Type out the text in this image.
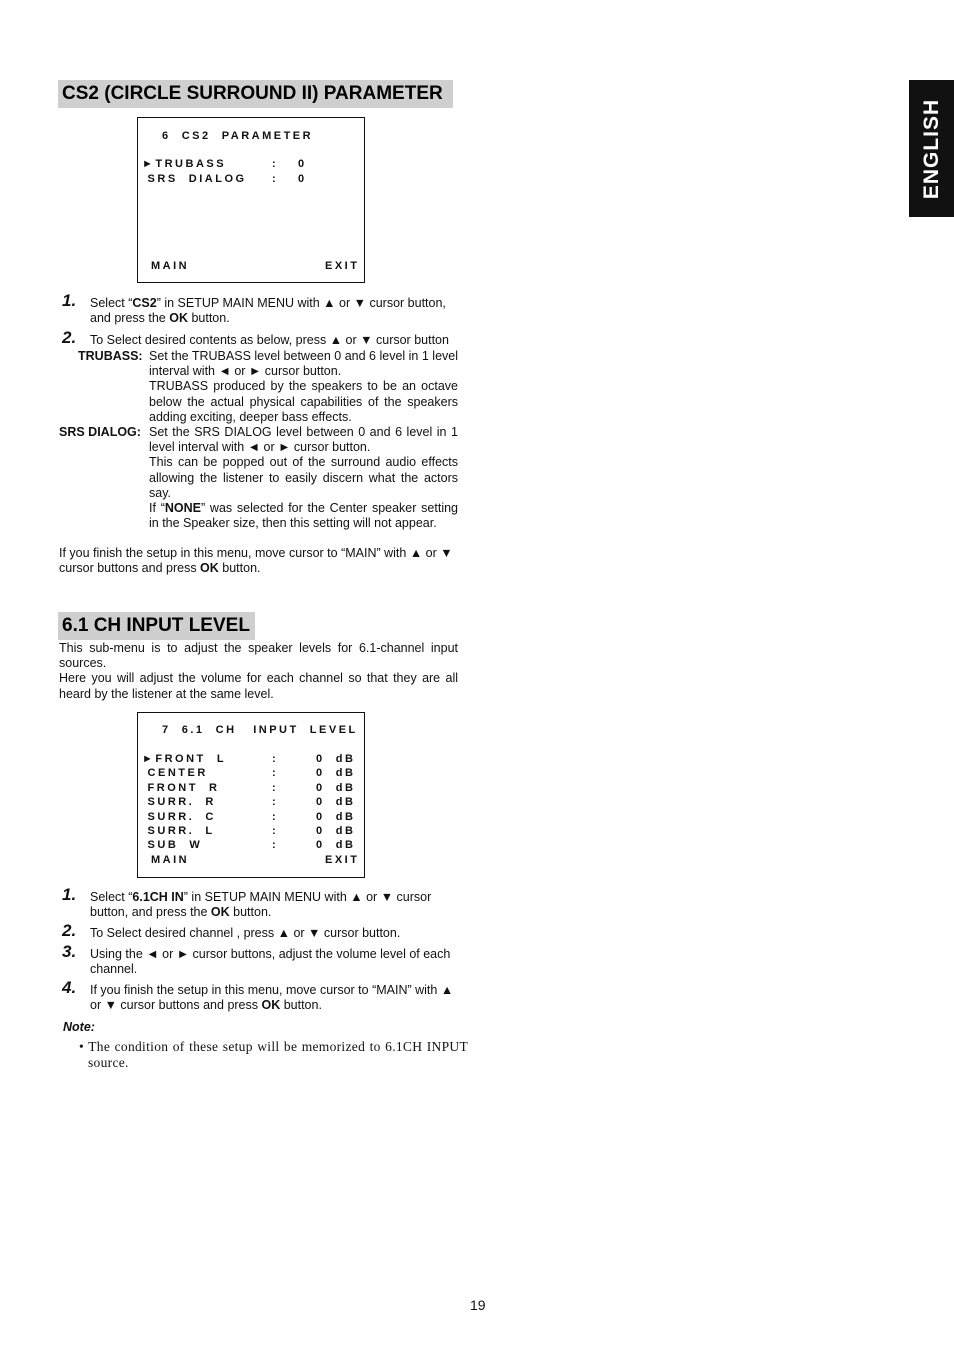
ENGLISH
CS2 (CIRCLE SURROUND II) PARAMETER
6  CS2  PARAMETER
►TRUBASS	: 0
SRS  DIALOG : 0
MAIN	EXIT
1. Select “CS2” in SETUP MAIN MENU with ▲ or ▼ cursor button, and press the OK button.
2. To Select desired contents as below, press ▲ or ▼ cursor button
TRUBASS: Set the TRUBASS level between 0 and 6 level in 1 level interval with ◄ or ► cursor button.
TRUBASS produced by the speakers to be an octave below the actual physical capabilities of the speakers adding exciting, deeper bass effects.
SRS DIALOG: Set the SRS DIALOG level between 0 and 6 level in 1 level interval with ◄ or ► cursor button.
This can be popped out of the surround audio effects allowing the listener to easily discern what the actors say.
If “NONE” was selected for the Center speaker setting in the Speaker size, then this setting will not appear.
If you finish the setup in this menu, move cursor to “MAIN” with ▲ or ▼ cursor buttons and press OK button.
6.1 CH INPUT LEVEL
This sub-menu is to adjust the speaker levels for 6.1-channel input sources.
Here you will adjust the volume for each channel so that they are all heard by the listener at the same level.
7  6.1  CH   INPUT  LEVEL
►FRONT  L	:	0  dB
CENTER	:	0  dB
FRONT  R	:	0  dB
SURR.  R	:	0  dB
SURR.  C	:	0  dB
SURR.  L	:	0  dB
SUB  W	:	0  dB
MAIN	EXIT
1. Select “6.1CH IN” in SETUP MAIN MENU with ▲ or ▼ cursor button, and press the OK button.
2. To Select desired channel , press ▲ or ▼ cursor button.
3. Using the ◄ or ► cursor buttons, adjust the volume level of each channel.
4. If you finish the setup in this menu, move cursor to “MAIN” with ▲ or ▼ cursor buttons and press OK button.
Note:
• The condition of these setup will be memorized to 6.1CH INPUT source.
19
